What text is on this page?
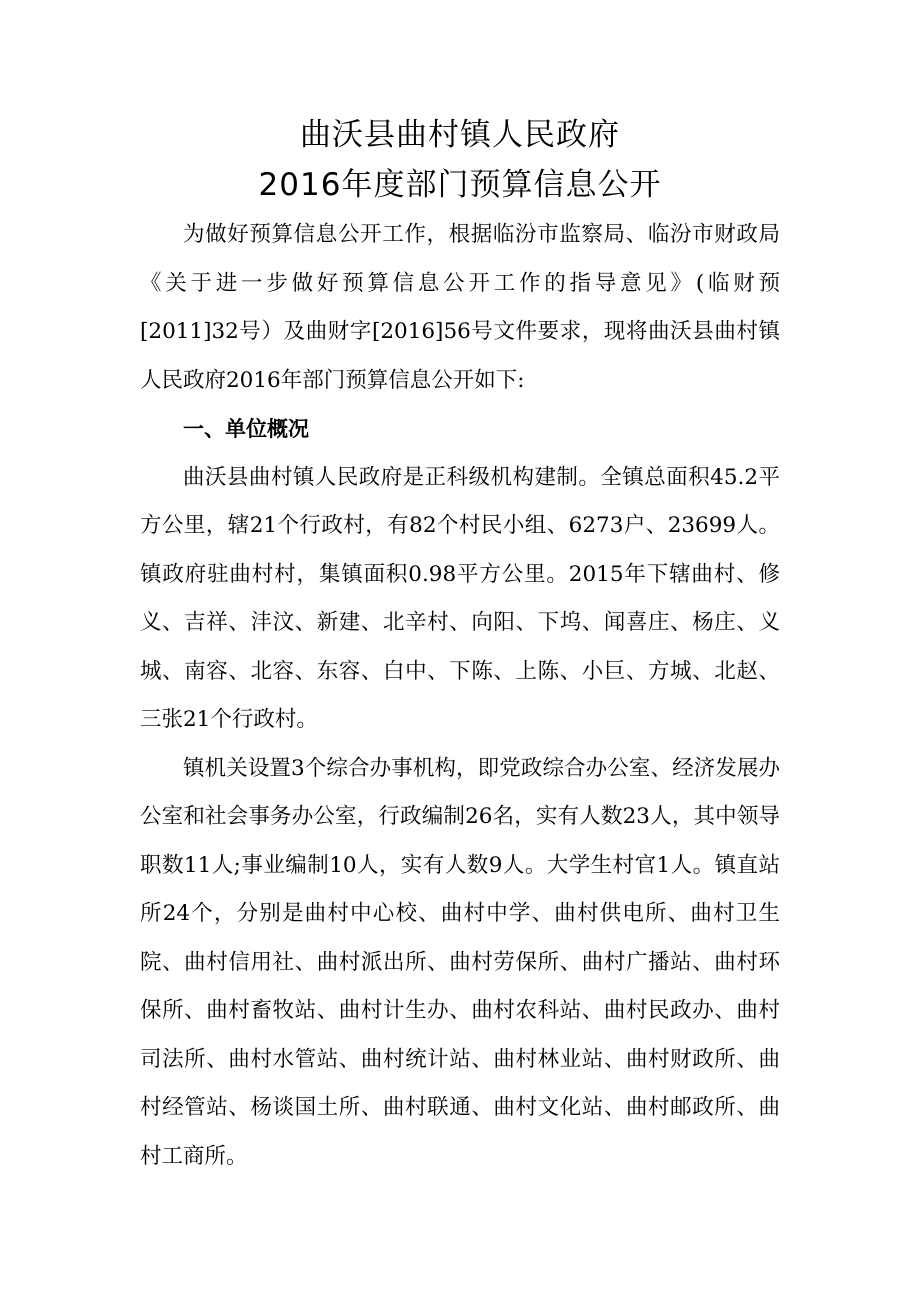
曲沃县曲村镇人民政府
2016年度部门预算信息公开

为做好预算信息公开工作，根据临汾市监察局、临汾市财政局《关于进一步做好预算信息公开工作的指导意见》(临财预[2011]32号）及曲财字[2016]56号文件要求，现将曲沃县曲村镇人民政府2016年部门预算信息公开如下:

一、单位概况

曲沃县曲村镇人民政府是正科级机构建制。全镇总面积45.2平方公里，辖21个行政村，有82个村民小组、6273户、23699人。镇政府驻曲村村，集镇面积0.98平方公里。2015年下辖曲村、修义、吉祥、沣汶、新建、北辛村、向阳、下坞、闻喜庄、杨庄、义城、南容、北容、东容、白中、下陈、上陈、小巨、方城、北赵、三张21个行政村。

镇机关设置3个综合办事机构，即党政综合办公室、经济发展办公室和社会事务办公室，行政编制26名，实有人数23人，其中领导职数11人;事业编制10人，实有人数9人。大学生村官1人。镇直站所24个，分别是曲村中心校、曲村中学、曲村供电所、曲村卫生院、曲村信用社、曲村派出所、曲村劳保所、曲村广播站、曲村环保所、曲村畜牧站、曲村计生办、曲村农科站、曲村民政办、曲村司法所、曲村水管站、曲村统计站、曲村林业站、曲村财政所、曲村经管站、杨谈国土所、曲村联通、曲村文化站、曲村邮政所、曲村工商所。
